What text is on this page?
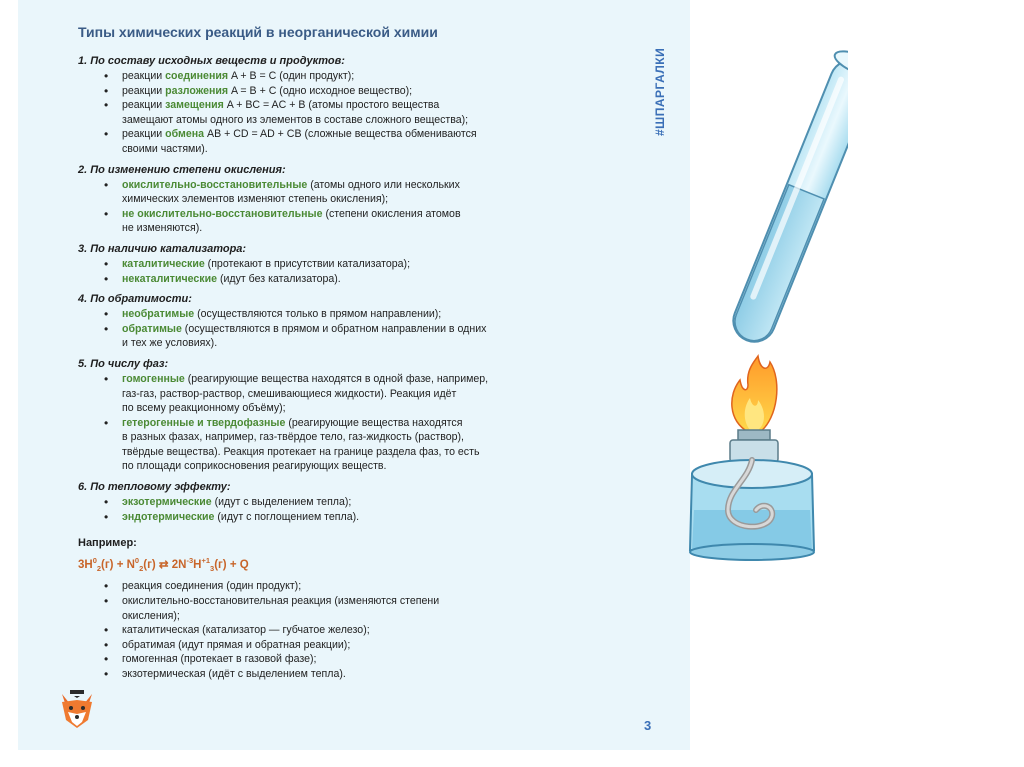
#ШПАРГАЛКИ
Типы химических реакций в неорганической химии
1. По составу исходных веществ и продуктов:
• реакции соединения A + B = C (один продукт);
• реакции разложения A = B + C (одно исходное вещество);
• реакции замещения A + BC = AC + B (атомы простого вещества
замещают атомы одного из элементов в составе сложного вещества);
• реакции обмена AB + CD = AD + CB (сложные вещества обмениваются
своими частями).
2. По изменению степени окисления:
• окислительно-восстановительные (атомы одного или нескольких
химических элементов изменяют степень окисления);
• не окислительно-восстановительные (степени окисления атомов
не изменяются).
3. По наличию катализатора:
• каталитические (протекают в присутствии катализатора);
• некаталитические (идут без катализатора).
4. По обратимости:
• необратимые (осуществляются только в прямом направлении);
• обратимые (осуществляются в прямом и обратном направлении в одних
и тех же условиях).
5. По числу фаз:
• гомогенные (реагирующие вещества находятся в одной фазе, например,
газ-газ, раствор-раствор, смешивающиеся жидкости). Реакция идёт
по всему реакционному объёму);
• гетерогенные и твердофазные (реагирующие вещества находятся
в разных фазах, например, газ-твёрдое тело, газ-жидкость (раствор),
твёрдые вещества). Реакция протекает на границе раздела фаз, то есть
по площади соприкосновения реагирующих веществ.
6. По тепловому эффекту:
• экзотермические (идут с выделением тепла);
• эндотермические (идут с поглощением тепла).
Например:
$3H^0_2(г) + N^0_2(г)$ ⇄ $2N^{-3}H^{+1}_3(г) + Q$
• реакция соединения (один продукт);
• окислительно-восстановительная реакция (изменяются степени
окисления);
• каталитическая (катализатор — губчатое железо);
• обратимая (идут прямая и обратная реакции);
• гомогенная (протекает в газовой фазе);
• экзотермическая (идёт с выделением тепла).
3
